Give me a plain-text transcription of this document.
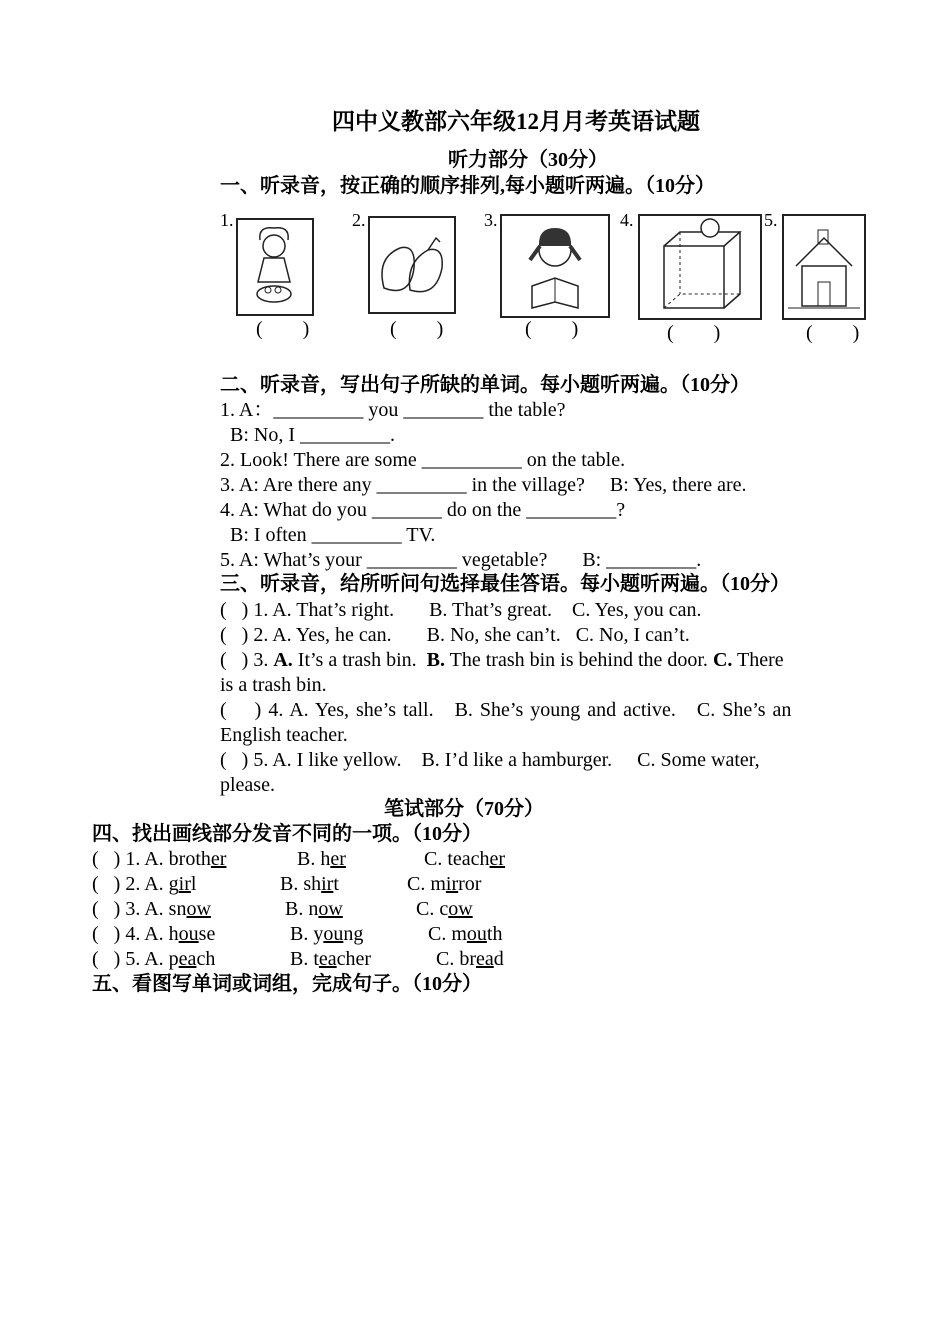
四中义教部六年级12月月考英语试题
听力部分（30分）
一、听录音，按正确的顺序排列,每小题听两遍。（10分）
1.	2.	3.	4.	5.
(        )	(        )	(        )	(        )	(        )
二、听录音，写出句子所缺的单词。每小题听两遍。（10分）
1. A：_________ you ________ the table?
B: No, I _________.
2. Look! There are some __________ on the table.
3. A: Are there any _________ in the village?     B: Yes, there are.
4. A: What do you _______ do on the _________?
B: I often _________ TV.
5. A: What’s your _________ vegetable?       B: _________.
三、听录音，给所听问句选择最佳答语。每小题听两遍。（10分）
(   ) 1. A. That’s right.       B. That’s great.    C. Yes, you can.
(   ) 2. A. Yes, he can.       B. No, she can’t.   C. No, I can’t.
(   ) 3. A. It’s a trash bin.  B. The trash bin is behind the door. C. There
is a trash bin.
(    ) 4. A. Yes, she’s tall.   B. She’s young and active.   C. She’s an
English teacher.
(   ) 5. A. I like yellow.    B. I’d like a hamburger.     C. Some water,
please.
笔试部分（70分）
四、找出画线部分发音不同的一项。（10分）
(   ) 1. A. brother	B. her	C. teacher
(   ) 2. A. girl	B. shirt	C. mirror
(   ) 3. A. snow	B. now	C. cow
(   ) 4. A. house	B. young	C. mouth
(   ) 5. A. peach	B. teacher	C. bread
五、看图写单词或词组，完成句子。（10分）
